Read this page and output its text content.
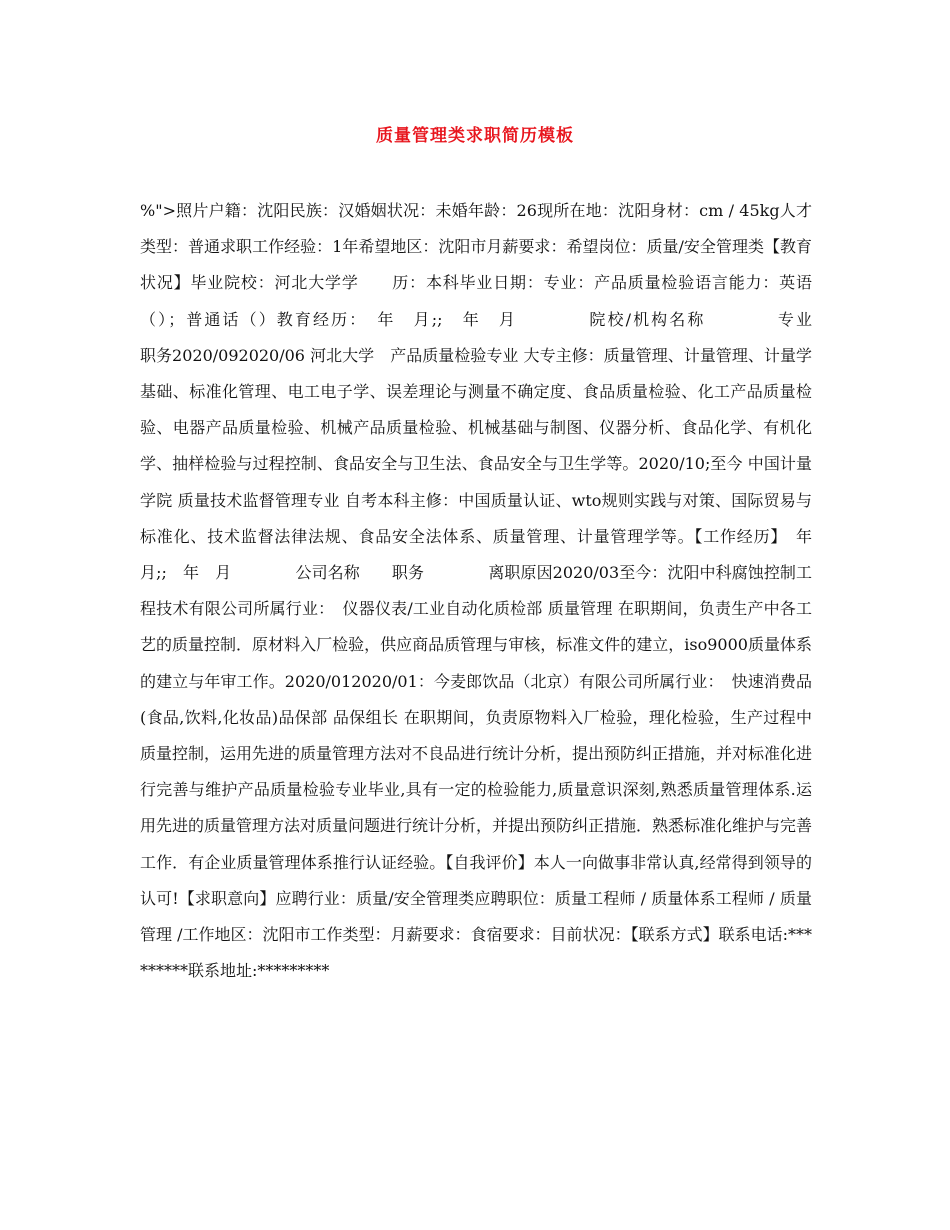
质量管理类求职简历模板
%">照片户籍：沈阳民族：汉婚姻状况：未婚年龄：26现所在地：沈阳身材：cm / 45kg人才类型：普通求职工作经验：1年希望地区：沈阳市月薪要求：希望岗位：质量/安全管理类【教育状况】毕业院校：河北大学学　　历：本科毕业日期：专业：产品质量检验语言能力：英语（）；普通话（）教育经历：　年　月;;　年　月　　　　院校/机构名称　　　　专业　　　　职务2020/092020/06 河北大学　产品质量检验专业 大专主修：质量管理、计量管理、计量学基础、标准化管理、电工电子学、误差理论与测量不确定度、食品质量检验、化工产品质量检验、电器产品质量检验、机械产品质量检验、机械基础与制图、仪器分析、食品化学、有机化学、抽样检验与过程控制、食品安全与卫生法、食品安全与卫生学等。2020/10;至今 中国计量学院 质量技术监督管理专业 自考本科主修：中国质量认证、wto规则实践与对策、国际贸易与标准化、技术监督法律法规、食品安全法体系、质量管理、计量管理学等。【工作经历】　年　月;;　年　月　　　　公司名称　　职务　　　　离职原因2020/03至今：沈阳中科腐蚀控制工程技术有限公司所属行业：　仪器仪表/工业自动化质检部 质量管理 在职期间，负责生产中各工艺的质量控制．原材料入厂检验，供应商品质管理与审核，标准文件的建立，iso9000质量体系的建立与年审工作。2020/012020/01：今麦郎饮品（北京）有限公司所属行业：　快速消费品(食品,饮料,化妆品)品保部 品保组长 在职期间，负责原物料入厂检验，理化检验，生产过程中质量控制，运用先进的质量管理方法对不良品进行统计分析，提出预防纠正措施，并对标准化进行完善与维护产品质量检验专业毕业,具有一定的检验能力,质量意识深刻,熟悉质量管理体系.运用先进的质量管理方法对质量问题进行统计分析，并提出预防纠正措施．熟悉标准化维护与完善工作．有企业质量管理体系推行认证经验。【自我评价】本人一向做事非常认真,经常得到领导的认可!【求职意向】应聘行业：质量/安全管理类应聘职位：质量工程师 / 质量体系工程师 / 质量管理 /工作地区：沈阳市工作类型：月薪要求：食宿要求：目前状况：【联系方式】联系电话:*********联系地址:*********
